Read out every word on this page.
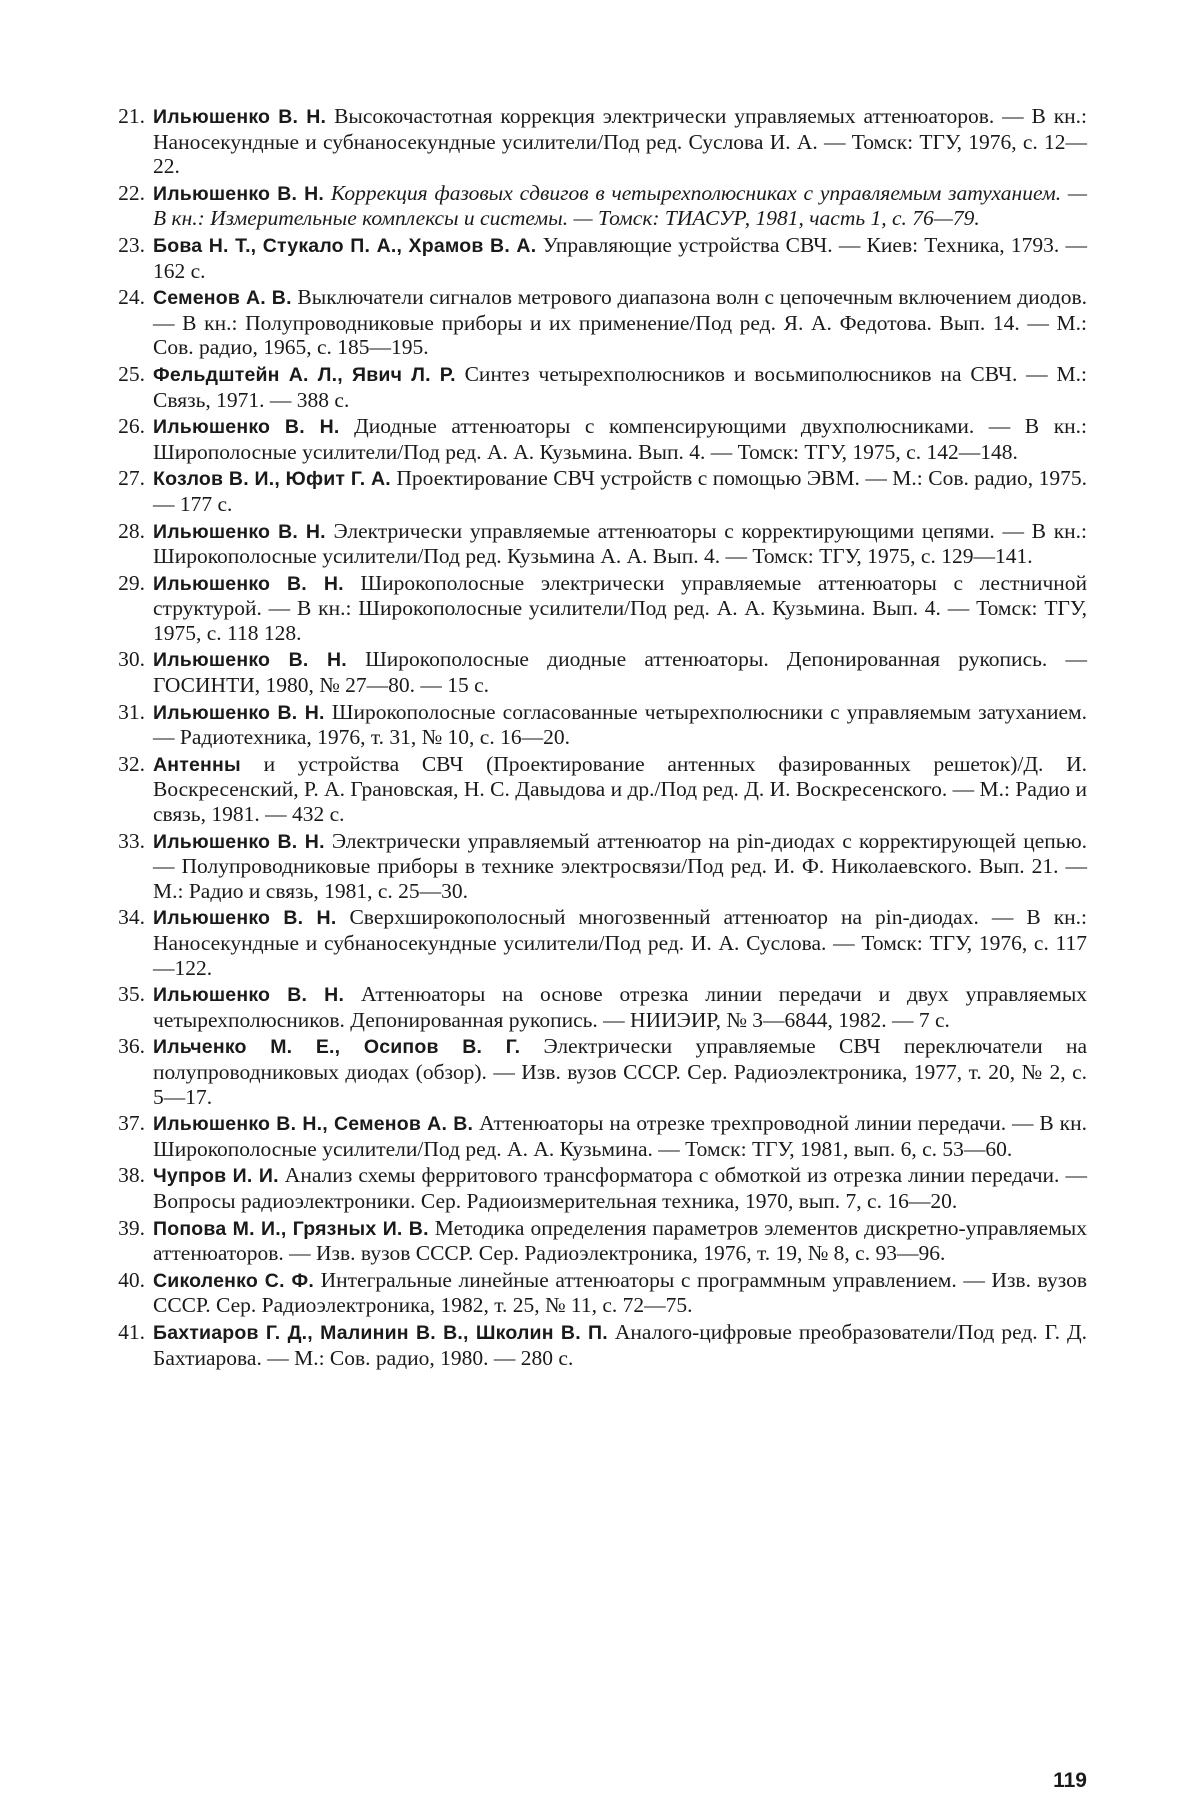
21. Ильюшенко В. Н. Высокочастотная коррекция электрически управляемых аттенюаторов. — В кн.: Наносекундные и субнаносекундные усилители/Под ред. Суслова И. А. — Томск: ТГУ, 1976, с. 12—22.
22. Ильюшенко В. Н. Коррекция фазовых сдвигов в четырехполюсниках с управляемым затуханием. — В кн.: Измерительные комплексы и системы. — Томск: ТИАСУР, 1981, часть 1, с. 76—79.
23. Бова Н. Т., Стукало П. А., Храмов В. А. Управляющие устройства СВЧ. — Киев: Техника, 1793. — 162 с.
24. Семенов А. В. Выключатели сигналов метрового диапазона волн с цепочечным включением диодов. — В кн.: Полупроводниковые приборы и их применение/Под ред. Я. А. Федотова. Вып. 14. — М.: Сов. радио, 1965, с. 185—195.
25. Фельдштейн А. Л., Явич Л. Р. Синтез четырехполюсников и восьмиполюсников на СВЧ. — М.: Связь, 1971. — 388 с.
26. Ильюшенко В. Н. Диодные аттенюаторы с компенсирующими двухполюсниками. — В кн.: Широполосные усилители/Под ред. А. А. Кузьмина. Вып. 4. — Томск: ТГУ, 1975, с. 142—148.
27. Козлов В. И., Юфит Г. А. Проектирование СВЧ устройств с помощью ЭВМ. — М.: Сов. радио, 1975. — 177 с.
28. Ильюшенко В. Н. Электрически управляемые аттенюаторы с корректирующими цепями. — В кн.: Широкополосные усилители/Под ред. Кузьмина А. А. Вып. 4. — Томск: ТГУ, 1975, с. 129—141.
29. Ильюшенко В. Н. Широкополосные электрически управляемые аттенюаторы с лестничной структурой. — В кн.: Широкополосные усилители/Под ред. А. А. Кузьмина. Вып. 4. — Томск: ТГУ, 1975, с. 118 128.
30. Ильюшенко В. Н. Широкополосные диодные аттенюаторы. Депонированная рукопись. — ГОСИНТИ, 1980, № 27—80. — 15 с.
31. Ильюшенко В. Н. Широкополосные согласованные четырехполюсники с управляемым затуханием. — Радиотехника, 1976, т. 31, № 10, с. 16—20.
32. Антенны и устройства СВЧ (Проектирование антенных фазированных решеток)/Д. И. Воскресенский, Р. А. Грановская, Н. С. Давыдова и др./Под ред. Д. И. Воскресенского. — М.: Радио и связь, 1981. — 432 с.
33. Ильюшенко В. Н. Электрически управляемый аттенюатор на pin-диодах с корректирующей цепью. — Полупроводниковые приборы в технике электросвязи/Под ред. И. Ф. Николаевского. Вып. 21. — М.: Радио и связь, 1981, с. 25—30.
34. Ильюшенко В. Н. Сверхширокополосный многозвенный аттенюатор на pin-диодах. — В кн.: Наносекундные и субнаносекундные усилители/Под ред. И. А. Суслова. — Томск: ТГУ, 1976, с. 117—122.
35. Ильюшенко В. Н. Аттенюаторы на основе отрезка линии передачи и двух управляемых четырехполюсников. Депонированная рукопись. — НИИЭИР, № 3—6844, 1982. — 7 с.
36. Ильченко М. Е., Осипов В. Г. Электрически управляемые СВЧ переключатели на полупроводниковых диодах (обзор). — Изв. вузов СССР. Сер. Радиоэлектроника, 1977, т. 20, № 2, с. 5—17.
37. Ильюшенко В. Н., Семенов А. В. Аттенюаторы на отрезке трехпроводной линии передачи. — В кн. Широкополосные усилители/Под ред. А. А. Кузьмина. — Томск: ТГУ, 1981, вып. 6, с. 53—60.
38. Чупров И. И. Анализ схемы ферритового трансформатора с обмоткой из отрезка линии передачи. — Вопросы радиоэлектроники. Сер. Радиоизмерительная техника, 1970, вып. 7, с. 16—20.
39. Попова М. И., Грязных И. В. Методика определения параметров элементов дискретно-управляемых аттенюаторов. — Изв. вузов СССР. Сер. Радиоэлектроника, 1976, т. 19, № 8, с. 93—96.
40. Сиколенко С. Ф. Интегральные линейные аттенюаторы с программным управлением. — Изв. вузов СССР. Сер. Радиоэлектроника, 1982, т. 25, № 11, с. 72—75.
41. Бахтиаров Г. Д., Малинин В. В., Школин В. П. Аналого-цифровые преобразователи/Под ред. Г. Д. Бахтиарова. — М.: Сов. радио, 1980. — 280 с.
119
